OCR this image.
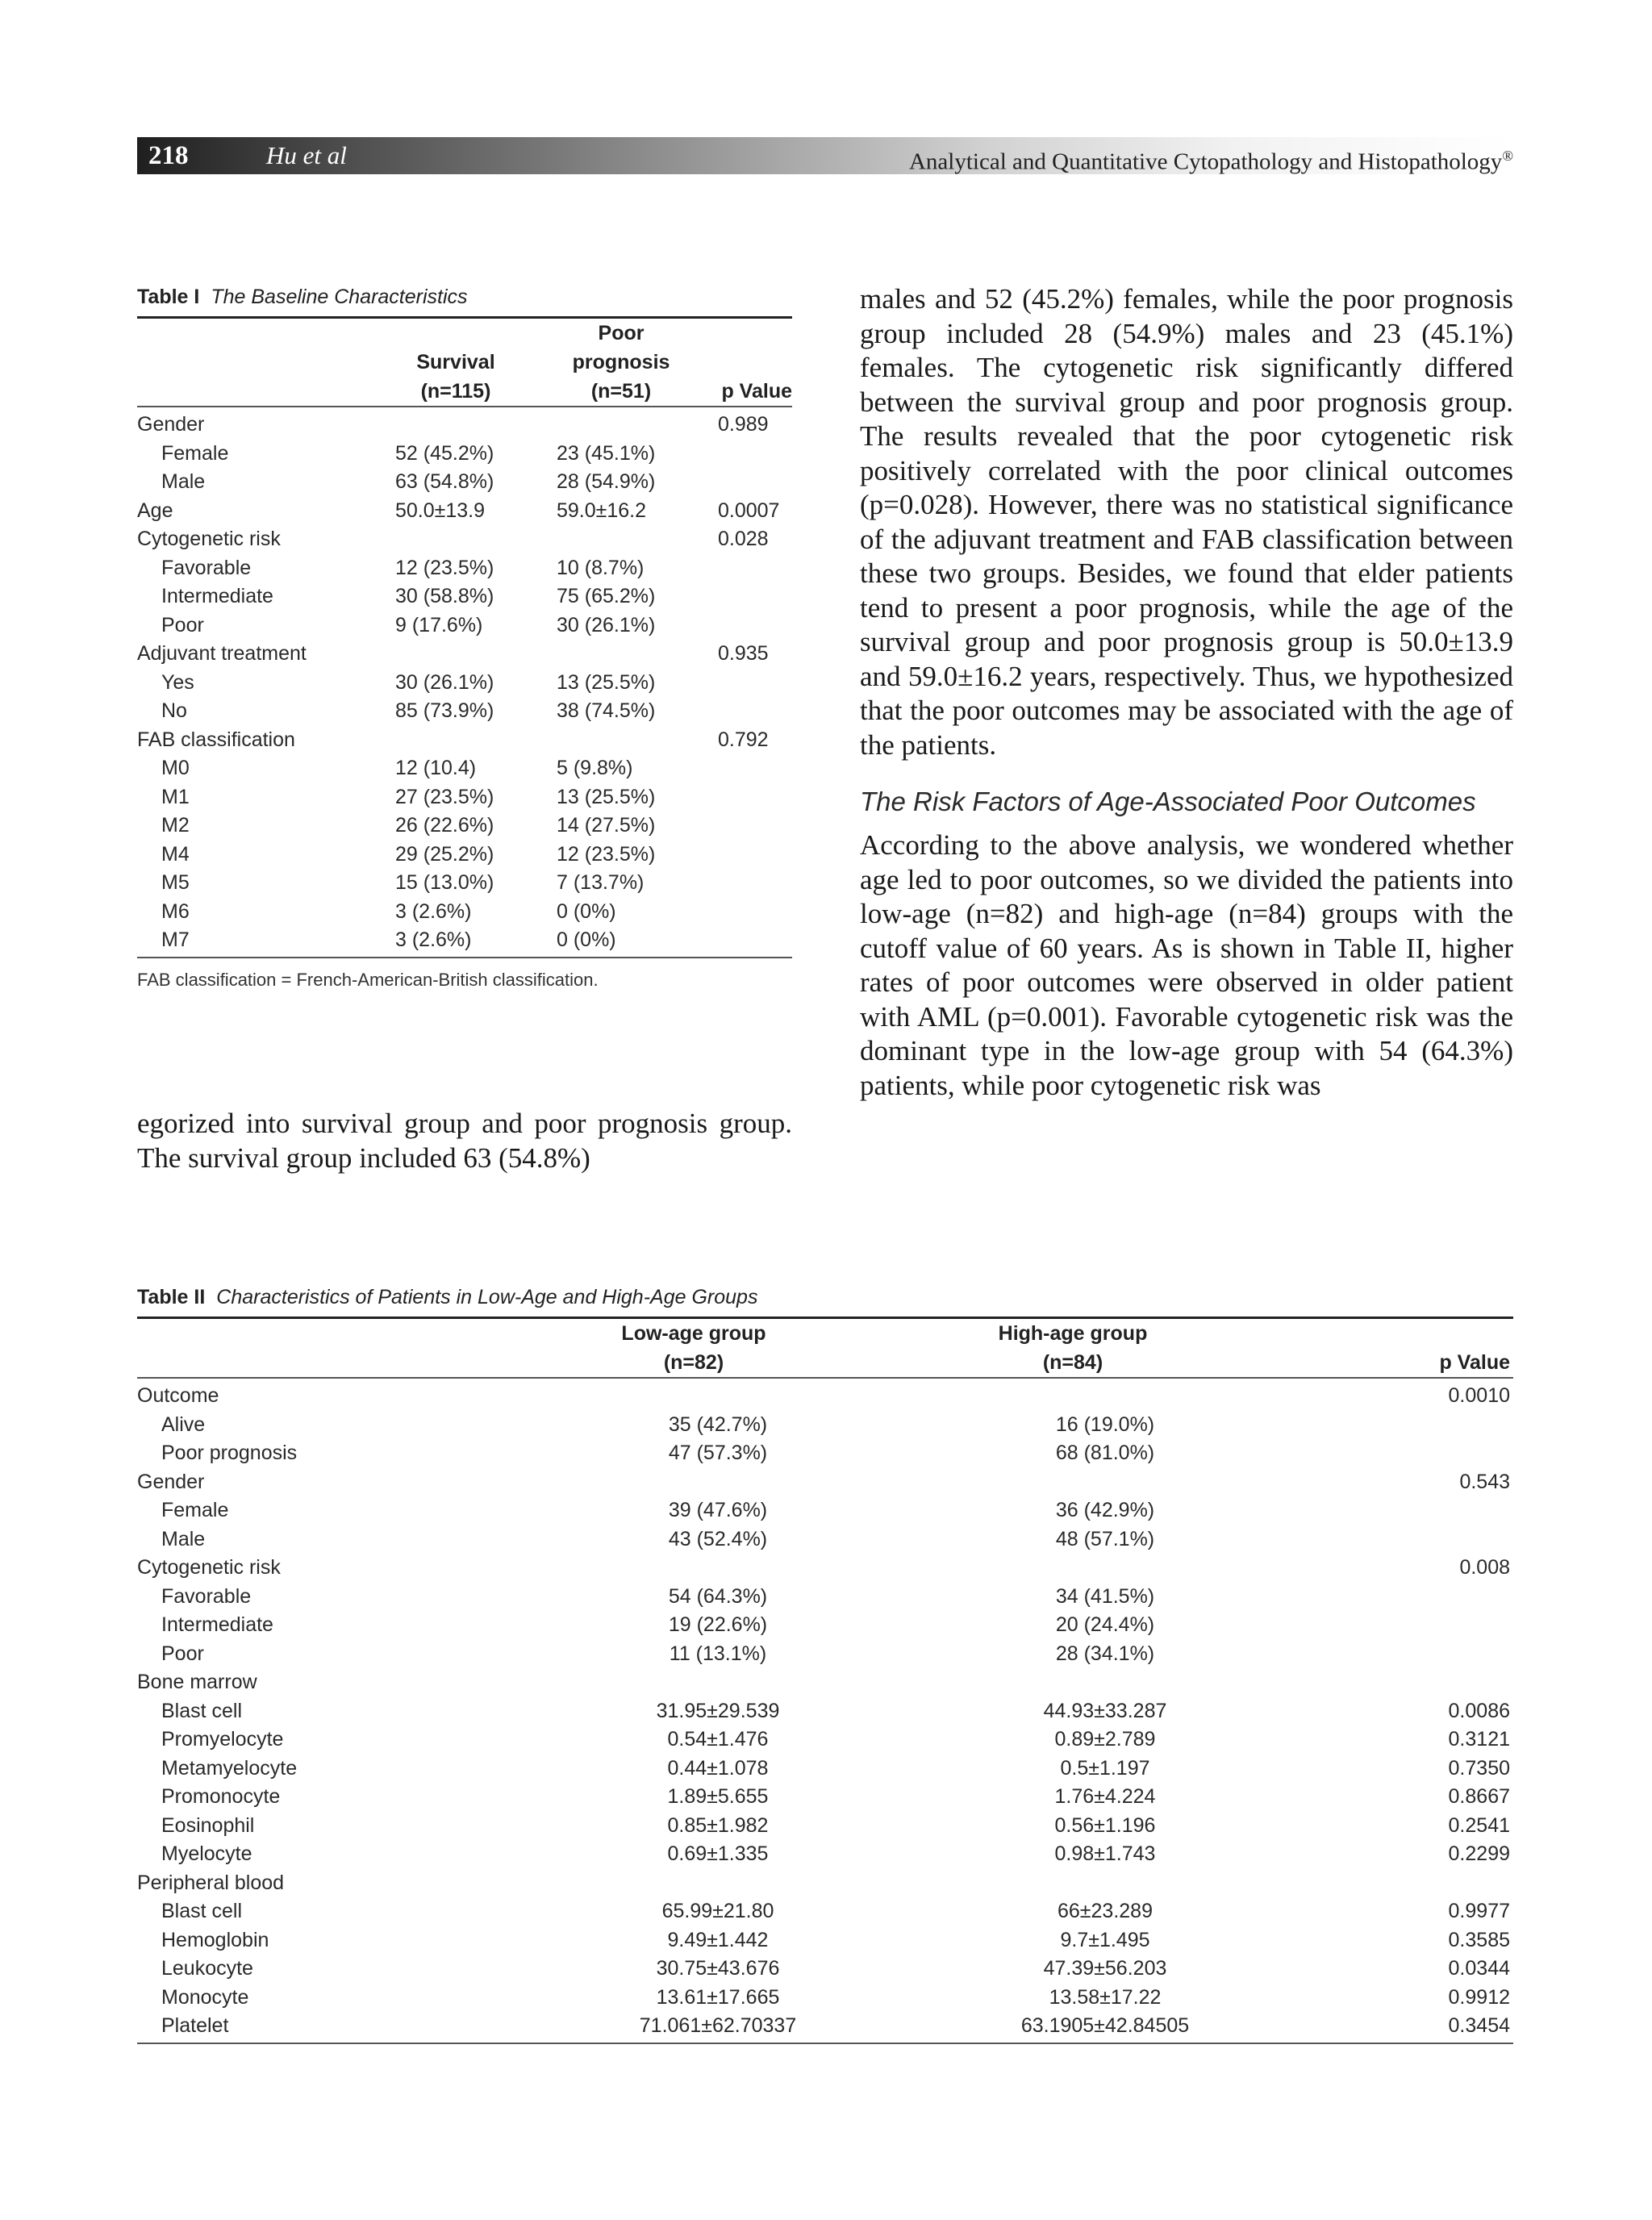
218	Hu et al	Analytical and Quantitative Cytopathology and Histopathology®
Table I The Baseline Characteristics

Survival
(n=115)

Poor
prognosis
(n=51)	p Value
Gender			0.989
Female	52 (45.2%)	23 (45.1%)	
Male	63 (54.8%)	28 (54.9%)	
Age	50.0±13.9	59.0±16.2	0.0007
Cytogenetic risk			0.028
Favorable	12 (23.5%)	10 (8.7%)	
Intermediate	30 (58.8%)	75 (65.2%)	
Poor	9 (17.6%)	30 (26.1%)	
Adjuvant treatment			0.935
Yes	30 (26.1%)	13 (25.5%)	
No	85 (73.9%)	38 (74.5%)	
FAB classification			0.792
M0	12 (10.4)	5 (9.8%)	
M1	27 (23.5%)	13 (25.5%)	
M2	26 (22.6%)	14 (27.5%)	
M4	29 (25.2%)	12 (23.5%)	
M5	15 (13.0%)	7 (13.7%)	
M6	3 (2.6%)	0 (0%)	
M7	3 (2.6%)	0 (0%)	
FAB classification = French-American-British classification.

egorized into survival group and poor prognosis group. The survival group included 63 (54.8%)

males and 52 (45.2%) females, while the poor prognosis group included 28 (54.9%) males and 23 (45.1%) females. The cytogenetic risk significantly differed between the survival group and poor prognosis group. The results revealed that the poor cytogenetic risk positively correlated with the poor clinical outcomes (p=0.028). However, there was no statistical significance of the adjuvant treatment and FAB classification between these two groups. Besides, we found that elder patients tend to present a poor prognosis, while the age of the survival group and poor prognosis group is 50.0±13.9 and 59.0±16.2 years, respectively. Thus, we hypothesized that the poor outcomes may be associated with the age of the patients.

The Risk Factors of Age-Associated Poor Outcomes

According to the above analysis, we wondered whether age led to poor outcomes, so we divided the patients into low-age (n=82) and high-age (n=84) groups with the cutoff value of 60 years. As is shown in Table II, higher rates of poor outcomes were observed in older patient with AML (p=0.001). Favorable cytogenetic risk was the dominant type in the low-age group with 54 (64.3%) patients, while poor cytogenetic risk was

Table II Characteristics of Patients in Low-Age and High-Age Groups

Low-age group
(n=82)

High-age group
(n=84)	p Value
Outcome			0.0010
Alive	35 (42.7%)	16 (19.0%)	
Poor prognosis	47 (57.3%)	68 (81.0%)	
Gender			0.543
Female	39 (47.6%)	36 (42.9%)	
Male	43 (52.4%)	48 (57.1%)	
Cytogenetic risk			0.008
Favorable	54 (64.3%)	34 (41.5%)	
Intermediate	19 (22.6%)	20 (24.4%)	
Poor	11 (13.1%)	28 (34.1%)	
Bone marrow			
Blast cell	31.95±29.539	44.93±33.287	0.0086
Promyelocyte	0.54±1.476	0.89±2.789	0.3121
Metamyelocyte	0.44±1.078	0.5±1.197	0.7350
Promonocyte	1.89±5.655	1.76±4.224	0.8667
Eosinophil	0.85±1.982	0.56±1.196	0.2541
Myelocyte	0.69±1.335	0.98±1.743	0.2299
Peripheral blood			
Blast cell	65.99±21.80	66±23.289	0.9977
Hemoglobin	9.49±1.442	9.7±1.495	0.3585
Leukocyte	30.75±43.676	47.39±56.203	0.0344
Monocyte	13.61±17.665	13.58±17.22	0.9912
Platelet	71.061±62.70337	63.1905±42.84505	0.3454
